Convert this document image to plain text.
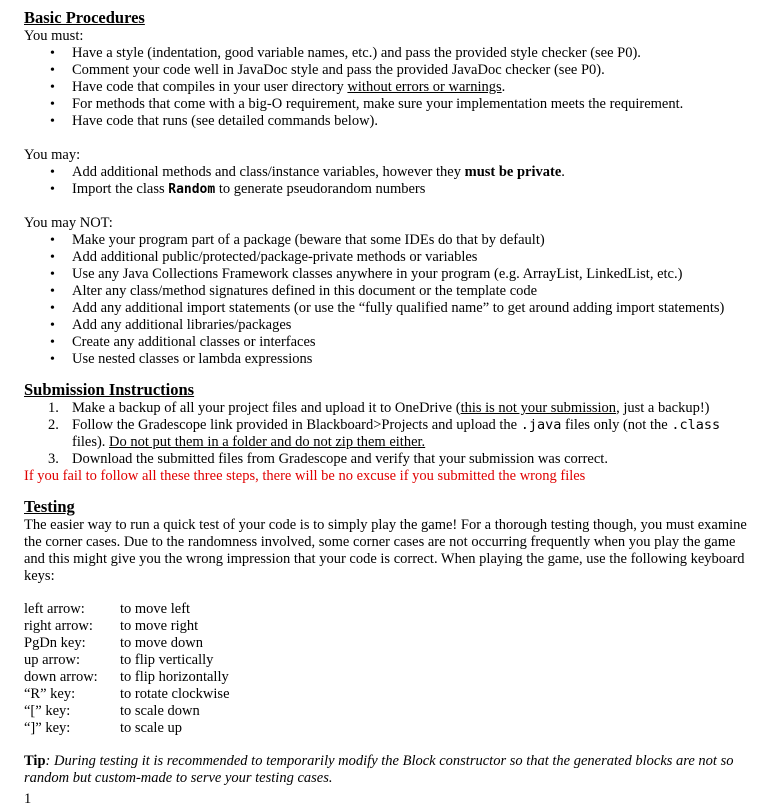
Basic Procedures

You must:

• Have a style (indentation, good variable names, etc.) and pass the provided style checker (see P0).
• Comment your code well in JavaDoc style and pass the provided JavaDoc checker (see P0).
• Have code that compiles in your user directory without errors or warnings.
• For methods that come with a big-O requirement, make sure your implementation meets the requirement.
• Have code that runs (see detailed commands below).

You may:

• Add additional methods and class/instance variables, however they must be private.
• Import the class Random to generate pseudorandom numbers

You may NOT:

• Make your program part of a package (beware that some IDEs do that by default)
• Add additional public/protected/package-private methods or variables
• Use any Java Collections Framework classes anywhere in your program (e.g. ArrayList, LinkedList, etc.)
• Alter any class/method signatures defined in this document or the template code
• Add any additional import statements (or use the “fully qualified name” to get around adding import statements)
• Add any additional libraries/packages
• Create any additional classes or interfaces
• Use nested classes or lambda expressions
Submission Instructions
1. Make a backup of all your project files and upload it to OneDrive (this is not your submission, just a backup!)
2. Follow the Gradescope link provided in Blackboard>Projects and upload the .java files only (not the .class files). Do not put them in a folder and do not zip them either.
3. Download the submitted files from Gradescope and verify that your submission was correct.

If you fail to follow all these three steps, there will be no excuse if you submitted the wrong files

Testing

The easier way to run a quick test of your code is to simply play the game! For a thorough testing though, you must examine the corner cases. Due to the randomness involved, some corner cases are not occurring frequently when you play the game and this might give you the wrong impression that your code is correct. When playing the game, use the following keyboard keys:

left arrow:	to move left
right arrow:	to move right
PgDn key:	to move down
up arrow:	to flip vertically
down arrow:	to flip horizontally
“R” key:	to rotate clockwise
“[” key:	to scale down
“]” key:	to scale up

Tip: During testing it is recommended to temporarily modify the Block constructor so that the generated blocks are not so random but custom-made to serve your testing cases.

1
